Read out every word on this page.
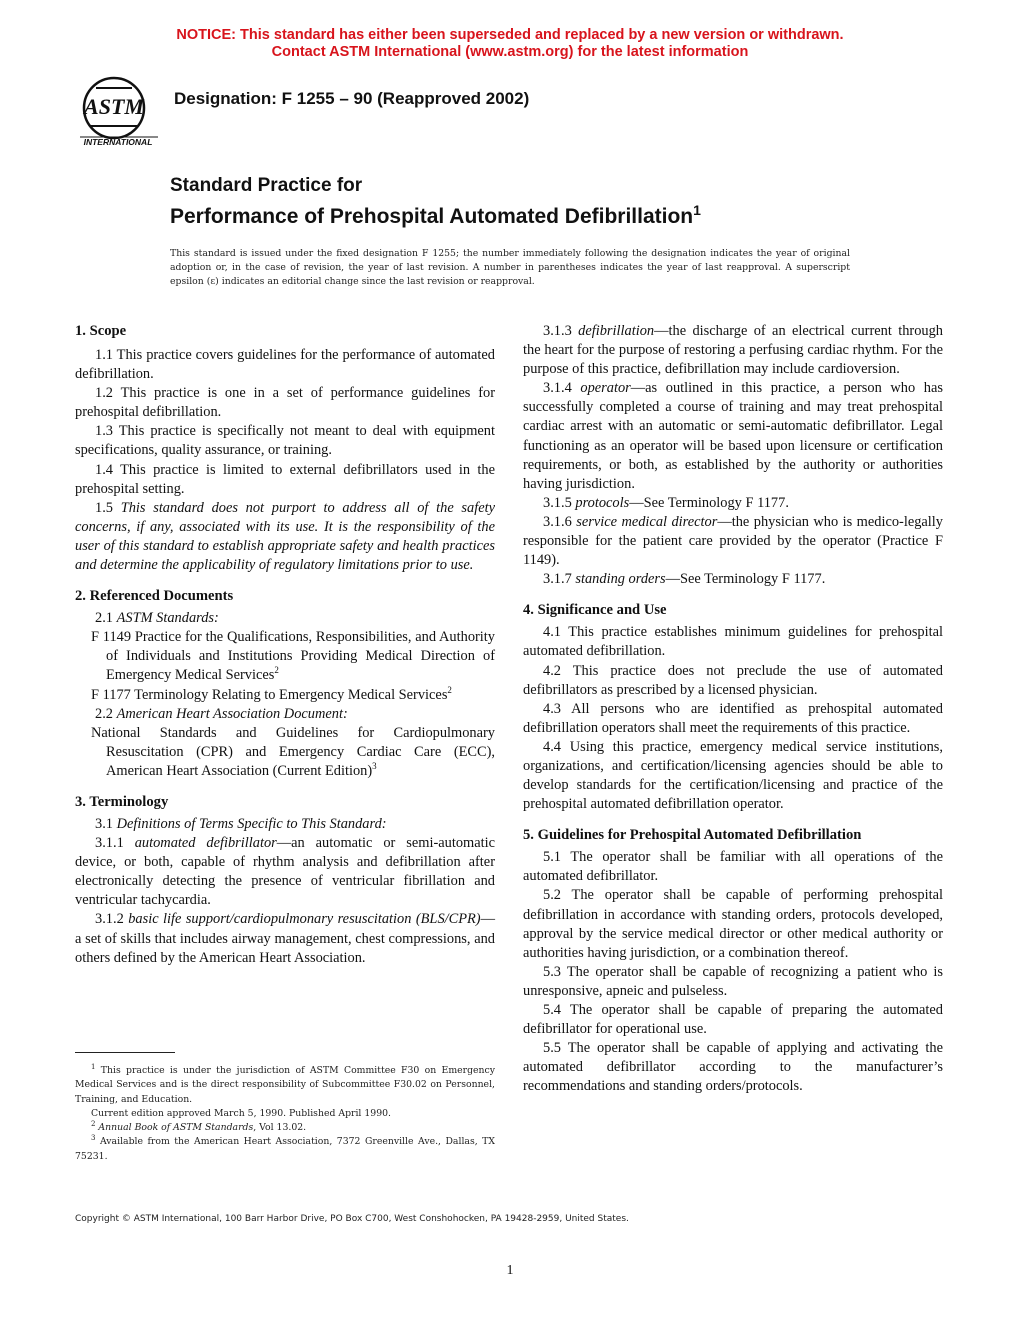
NOTICE: This standard has either been superseded and replaced by a new version or withdrawn.
Contact ASTM International (www.astm.org) for the latest information
ASTM
INTERNATIONAL
Designation: F 1255 – 90 (Reapproved 2002)
Standard Practice for
Performance of Prehospital Automated Defibrillation$^1$
This standard is issued under the fixed designation F 1255; the number immediately following the designation indicates the year of original adoption or, in the case of revision, the year of last revision. A number in parentheses indicates the year of last reapproval. A superscript epsilon (ε) indicates an editorial change since the last revision or reapproval.
1. Scope

1.1 This practice covers guidelines for the performance of automated defibrillation.

1.2 This practice is one in a set of performance guidelines for prehospital defibrillation.

1.3 This practice is specifically not meant to deal with equipment specifications, quality assurance, or training.

1.4 This practice is limited to external defibrillators used in the prehospital setting.

1.5 This standard does not purport to address all of the safety concerns, if any, associated with its use. It is the responsibility of the user of this standard to establish appropriate safety and health practices and determine the applicability of regulatory limitations prior to use.

2. Referenced Documents

2.1 ASTM Standards:

F 1149 Practice for the Qualifications, Responsibilities, and Authority of Individuals and Institutions Providing Medical Direction of Emergency Medical Services$^2$

F 1177 Terminology Relating to Emergency Medical Services$^2$

2.2 American Heart Association Document:

National Standards and Guidelines for Cardiopulmonary Resuscitation (CPR) and Emergency Cardiac Care (ECC), American Heart Association (Current Edition)$^3$

3. Terminology

3.1 Definitions of Terms Specific to This Standard:

3.1.1 automated defibrillator—an automatic or semi-automatic device, or both, capable of rhythm analysis and defibrillation after electronically detecting the presence of ventricular fibrillation and ventricular tachycardia.

3.1.2 basic life support/cardiopulmonary resuscitation (BLS/CPR)—a set of skills that includes airway management, chest compressions, and others defined by the American Heart Association.

3.1.3 defibrillation—the discharge of an electrical current through the heart for the purpose of restoring a perfusing cardiac rhythm. For the purpose of this practice, defibrillation may include cardioversion.

3.1.4 operator—as outlined in this practice, a person who has successfully completed a course of training and may treat prehospital cardiac arrest with an automatic or semi-automatic defibrillator. Legal functioning as an operator will be based upon licensure or certification requirements, or both, as established by the authority or authorities having jurisdiction.

3.1.5 protocols—See Terminology F 1177.

3.1.6 service medical director—the physician who is medico-legally responsible for the patient care provided by the operator (Practice F 1149).

3.1.7 standing orders—See Terminology F 1177.

4. Significance and Use

4.1 This practice establishes minimum guidelines for prehospital automated defibrillation.

4.2 This practice does not preclude the use of automated defibrillators as prescribed by a licensed physician.

4.3 All persons who are identified as prehospital automated defibrillation operators shall meet the requirements of this practice.

4.4 Using this practice, emergency medical service institutions, organizations, and certification/licensing agencies should be able to develop standards for the certification/licensing and practice of the prehospital automated defibrillation operator.

5. Guidelines for Prehospital Automated Defibrillation

5.1 The operator shall be familiar with all operations of the automated defibrillator.

5.2 The operator shall be capable of performing prehospital defibrillation in accordance with standing orders, protocols developed, approval by the service medical director or other medical authority or authorities having jurisdiction, or a combination thereof.

5.3 The operator shall be capable of recognizing a patient who is unresponsive, apneic and pulseless.

5.4 The operator shall be capable of preparing the automated defibrillator for operational use.

5.5 The operator shall be capable of applying and activating the automated defibrillator according to the manufacturer’s recommendations and standing orders/protocols.

$^1$ This practice is under the jurisdiction of ASTM Committee F30 on Emergency Medical Services and is the direct responsibility of Subcommittee F30.02 on Personnel, Training, and Education.

Current edition approved March 5, 1990. Published April 1990.

$^2$ Annual Book of ASTM Standards, Vol 13.02.

$^3$ Available from the American Heart Association, 7372 Greenville Ave., Dallas, TX 75231.

Copyright © ASTM International, 100 Barr Harbor Drive, PO Box C700, West Conshohocken, PA 19428-2959, United States.
1
